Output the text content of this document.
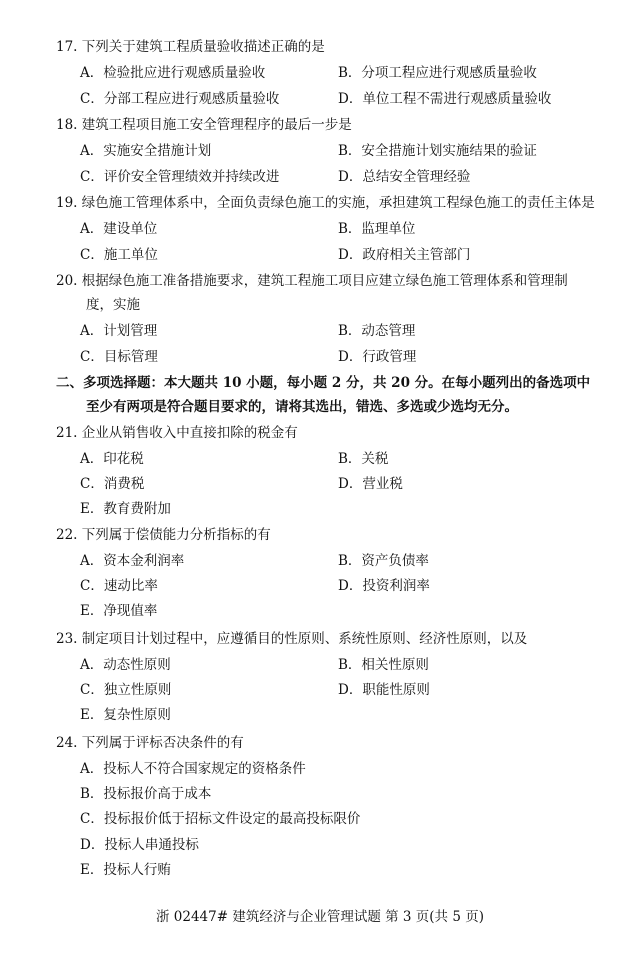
17. 下列关于建筑工程质量验收描述正确的是
A．检验批应进行观感质量验收	B．分项工程应进行观感质量验收
C．分部工程应进行观感质量验收	D．单位工程不需进行观感质量验收
18. 建筑工程项目施工安全管理程序的最后一步是
A．实施安全措施计划	B．安全措施计划实施结果的验证
C．评价安全管理绩效并持续改进	D．总结安全管理经验
19. 绿色施工管理体系中，全面负责绿色施工的实施，承担建筑工程绿色施工的责任主体是
A．建设单位	B．监理单位
C．施工单位	D．政府相关主管部门
20. 根据绿色施工准备措施要求，建筑工程施工项目应建立绿色施工管理体系和管理制
度，实施
A．计划管理	B．动态管理
C．目标管理	D．行政管理
二、多项选择题：本大题共 10 小题，每小题 2 分，共 20 分。在每小题列出的备选项中
至少有两项是符合题目要求的，请将其选出，错选、多选或少选均无分。
21. 企业从销售收入中直接扣除的税金有
A．印花税	B．关税
C．消费税	D．营业税
E．教育费附加
22. 下列属于偿债能力分析指标的有
A．资本金利润率	B．资产负债率
C．速动比率	D．投资利润率
E．净现值率
23. 制定项目计划过程中，应遵循目的性原则、系统性原则、经济性原则，以及
A．动态性原则	B．相关性原则
C．独立性原则	D．职能性原则
E．复杂性原则
24. 下列属于评标否决条件的有
A．投标人不符合国家规定的资格条件
B．投标报价高于成本
C．投标报价低于招标文件设定的最高投标限价
D．投标人串通投标
E．投标人行贿
浙 02447# 建筑经济与企业管理试题 第 3 页(共 5 页)
